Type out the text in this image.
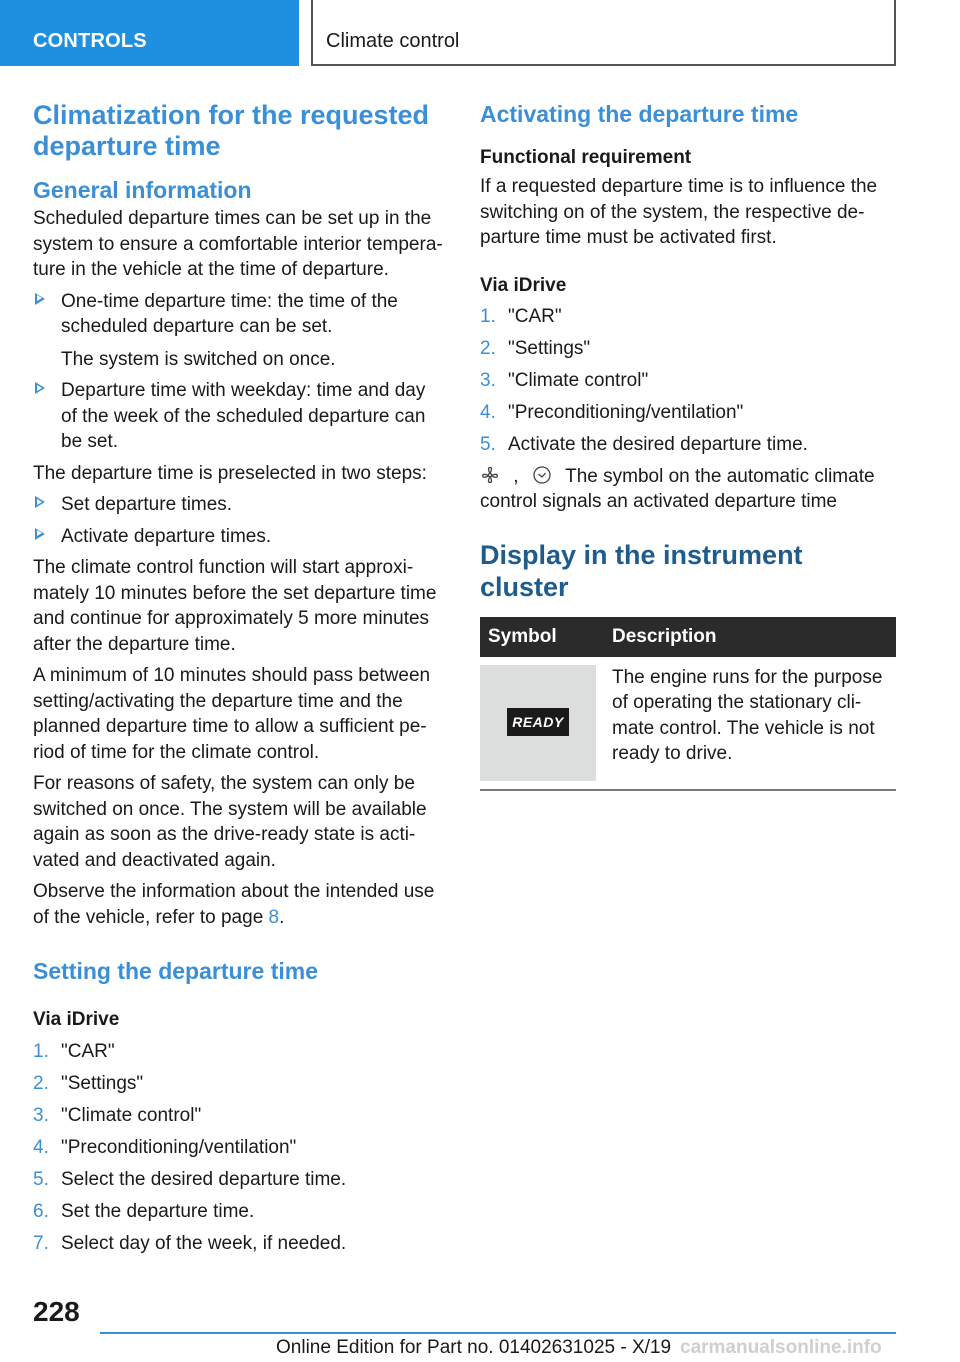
CONTROLS	Climate control
Climatization for the requested departure time
General information
Scheduled departure times can be set up in the system to ensure a comfortable interior tempera-ture in the vehicle at the time of departure.
One-time departure time: the time of the scheduled departure can be set.
The system is switched on once.
Departure time with weekday: time and day of the week of the scheduled departure can be set.
The departure time is preselected in two steps:
Set departure times.
Activate departure times.
The climate control function will start approxi-mately 10 minutes before the set departure time and continue for approximately 5 more minutes after the departure time.
A minimum of 10 minutes should pass between setting/activating the departure time and the planned departure time to allow a sufficient pe-riod of time for the climate control.
For reasons of safety, the system can only be switched on once. The system will be available again as soon as the drive-ready state is acti-vated and deactivated again.
Observe the information about the intended use of the vehicle, refer to page 8.
Setting the departure time
Via iDrive
1. "CAR"
2. "Settings"
3. "Climate control"
4. "Preconditioning/ventilation"
5. Select the desired departure time.
6. Set the departure time.
7. Select day of the week, if needed.
Activating the departure time
Functional requirement
If a requested departure time is to influence the switching on of the system, the respective de-parture time must be activated first.
Via iDrive
1. "CAR"
2. "Settings"
3. "Climate control"
4. "Preconditioning/ventilation"
5. Activate the desired departure time.
, The symbol on the automatic climate control signals an activated departure time
Display in the instrument cluster
Symbol	Description

READY	The engine runs for the purpose of operating the stationary cli-mate control. The vehicle is not ready to drive.
228
Online Edition for Part no. 01402631025 - X/19 carmanualsonline.info
